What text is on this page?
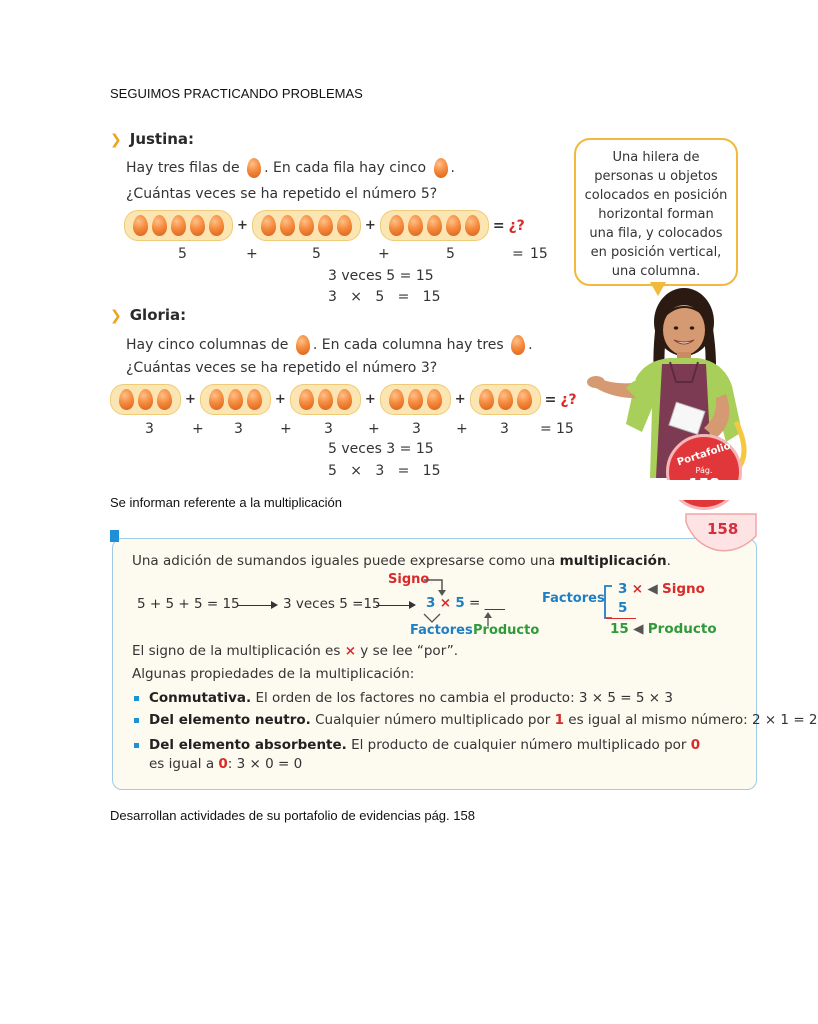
SEGUIMOS PRACTICANDO PROBLEMAS
❯ Justina:
Hay tres filas de . En cada fila hay cinco .
¿Cuántas veces se ha repetido el número 5?
+	+	= ¿?
5	+	5	+	5	= 15
3 veces 5 = 15
3   ×   5   =   15
❯ Gloria:
Hay cinco columnas de . En cada columna hay tres .
¿Cuántas veces se ha repetido el número 3?
+	+	+	+	= ¿?
3	+ 3	+ 3	+ 3	+ 3 = 15
5 veces 3 = 15
5   ×   3   =   15
Una hilera de
personas u objetos
colocados en posición
horizontal forman
una fila, y colocados
en posición vertical,
una columna.
Portafolio
Pág.
Se informan referente a la multiplicación
158
Una adición de sumandos iguales puede expresarse como una multiplicación.
Signo
5 + 5 + 5 = 15	3 veces 5 =15	3 × 5 = ___
Factores Producto
Factores
3 × ◀ Signo
5
15 ◀ Producto
El signo de la multiplicación es × y se lee “por”.
Algunas propiedades de la multiplicación:
Conmutativa. El orden de los factores no cambia el producto: 3 × 5 = 5 × 3
Del elemento neutro. Cualquier número multiplicado por 1 es igual al mismo número: 2 × 1 = 2
Del elemento absorbente. El producto de cualquier número multiplicado por 0
es igual a 0: 3 × 0 = 0
Desarrollan actividades de su portafolio de evidencias pág. 158
